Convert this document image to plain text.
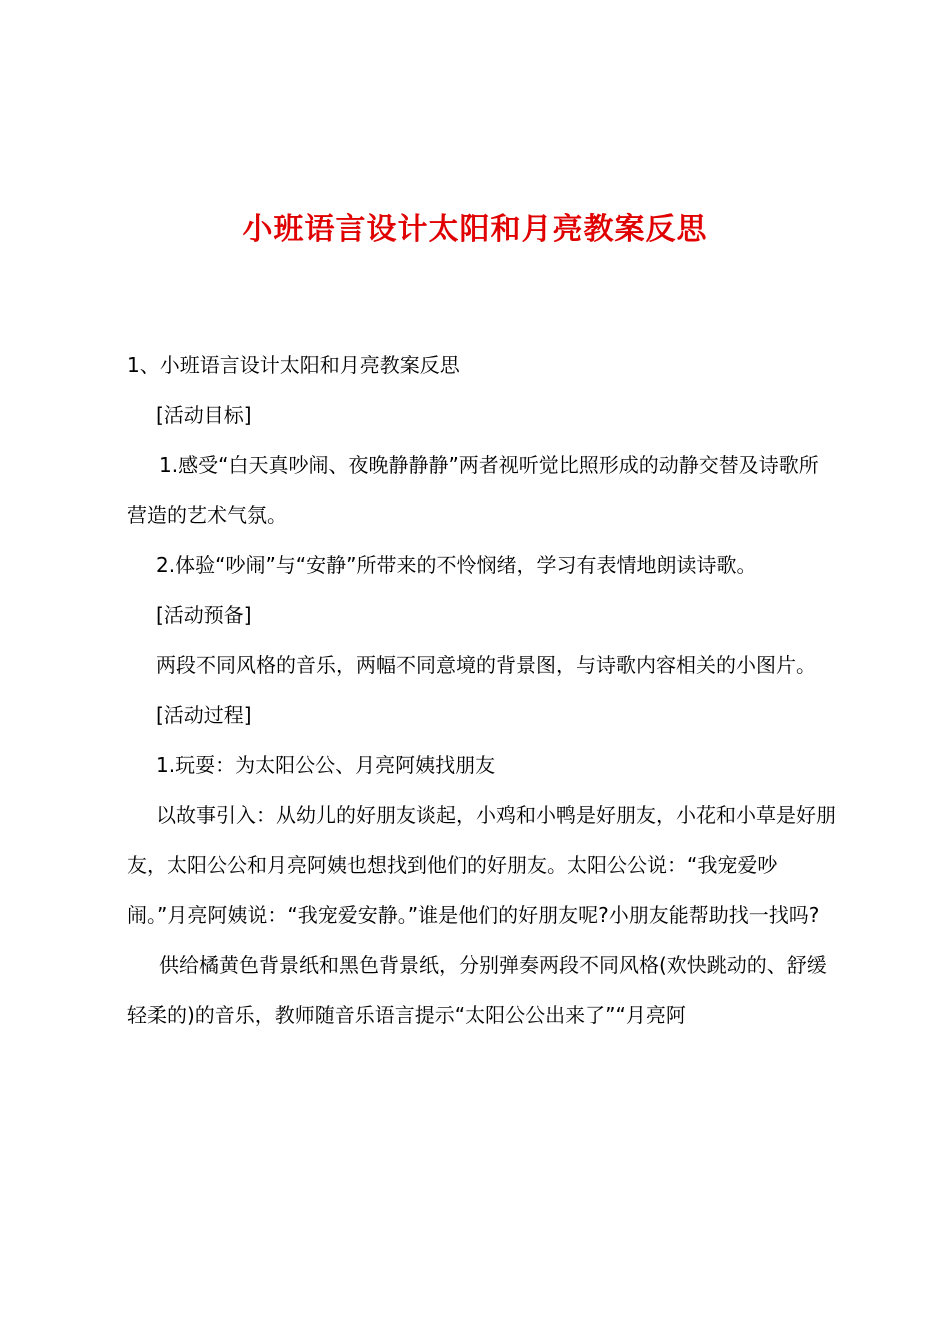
小班语言设计太阳和月亮教案反思

1、小班语言设计太阳和月亮教案反思

[活动目标]

1.感受“白天真吵闹、夜晚静静静”两者视听觉比照形成的动静交替及诗歌所营造的艺术气氛。

2.体验“吵闹”与“安静”所带来的不怜悯绪，学习有表情地朗读诗歌。

[活动预备]

两段不同风格的音乐，两幅不同意境的背景图，与诗歌内容相关的小图片。

[活动过程]

1.玩耍：为太阳公公、月亮阿姨找朋友

以故事引入：从幼儿的好朋友谈起，小鸡和小鸭是好朋友，小花和小草是好朋友，太阳公公和月亮阿姨也想找到他们的好朋友。太阳公公说：“我宠爱吵闹。”月亮阿姨说：“我宠爱安静。”谁是他们的好朋友呢?小朋友能帮助找一找吗?

供给橘黄色背景纸和黑色背景纸，分别弹奏两段不同风格(欢快跳动的、舒缓轻柔的)的音乐，教师随音乐语言提示“太阳公公出来了”“月亮阿
